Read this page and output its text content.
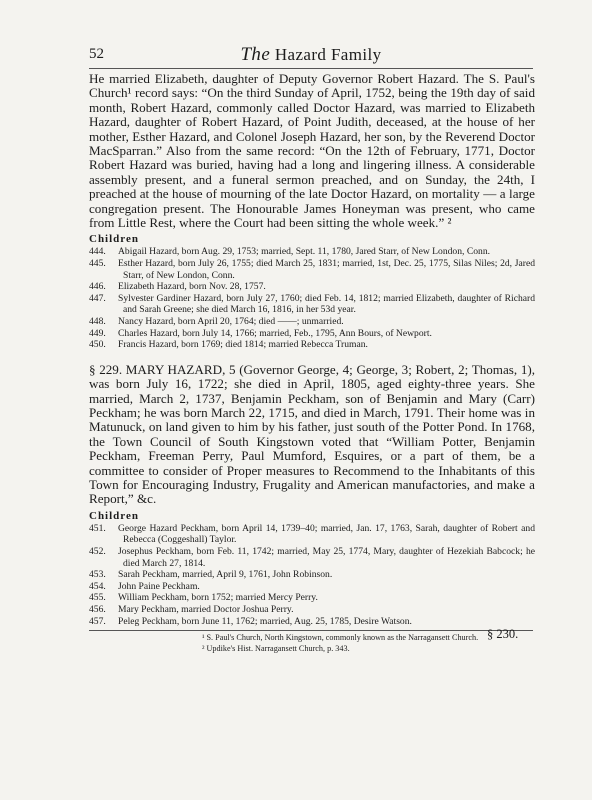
52	The Hazard Family

He married Elizabeth, daughter of Deputy Governor Robert Hazard. The S. Paul's Church¹ record says: “On the third Sunday of April, 1752, being the 19th day of said month, Robert Hazard, commonly called Doctor Hazard, was married to Elizabeth Hazard, daughter of Robert Hazard, of Point Judith, deceased, at the house of her mother, Esther Hazard, and Colonel Joseph Hazard, her son, by the Reverend Doctor MacSparran.” Also from the same record: “On the 12th of February, 1771, Doctor Robert Hazard was buried, having had a long and lingering illness. A considerable assembly present, and a funeral sermon preached, and on Sunday, the 24th, I preached at the house of mourning of the late Doctor Hazard, on mortality — a large congregation present. The Honourable James Honeyman was present, who came from Little Rest, where the Court had been sitting the whole week.” ²

Children
444. Abigail Hazard, born Aug. 29, 1753; married, Sept. 11, 1780, Jared Starr, of New London, Conn.
445. Esther Hazard, born July 26, 1755; died March 25, 1831; married, 1st, Dec. 25, 1775, Silas Niles; 2d, Jared Starr, of New London, Conn.
446. Elizabeth Hazard, born Nov. 28, 1757.
447. Sylvester Gardiner Hazard, born July 27, 1760; died Feb. 14, 1812; married Elizabeth, daughter of Richard and Sarah Greene; she died March 16, 1816, in her 53d year.
448. Nancy Hazard, born April 20, 1764; died ——; unmarried.
449. Charles Hazard, born July 14, 1766; married, Feb., 1795, Ann Bours, of Newport.
450. Francis Hazard, born 1769; died 1814; married Rebecca Truman.

§ 229. MARY HAZARD, 5 (Governor George, 4; George, 3; Robert, 2; Thomas, 1), was born July 16, 1722; she died in April, 1805, aged eighty-three years. She married, March 2, 1737, Benjamin Peckham, son of Benjamin and Mary (Carr) Peckham; he was born March 22, 1715, and died in March, 1791. Their home was in Matunuck, on land given to him by his father, just south of the Potter Pond. In 1768, the Town Council of South Kingstown voted that “William Potter, Benjamin Peckham, Freeman Perry, Paul Mumford, Esquires, or a part of them, be a committee to consider of Proper measures to Recommend to the Inhabitants of this Town for Encouraging Industry, Frugality and American manufactories, and make a Report,” &c.

Children
451. George Hazard Peckham, born April 14, 1739–40; married, Jan. 17, 1763, Sarah, daughter of Robert and Rebecca (Coggeshall) Taylor.
452. Josephus Peckham, born Feb. 11, 1742; married, May 25, 1774, Mary, daughter of Hezekiah Babcock; he died March 27, 1814.
453. Sarah Peckham, married, April 9, 1761, John Robinson.
454. John Paine Peckham.
455. William Peckham, born 1752; married Mercy Perry.
456. Mary Peckham, married Doctor Joshua Perry.
457. Peleg Peckham, born June 11, 1762; married, Aug. 25, 1785, Desire Watson.
¹ S. Paul's Church, North Kingstown, commonly known as the Narragansett Church.
² Updike's Hist. Narragansett Church, p. 343.
§ 230.
